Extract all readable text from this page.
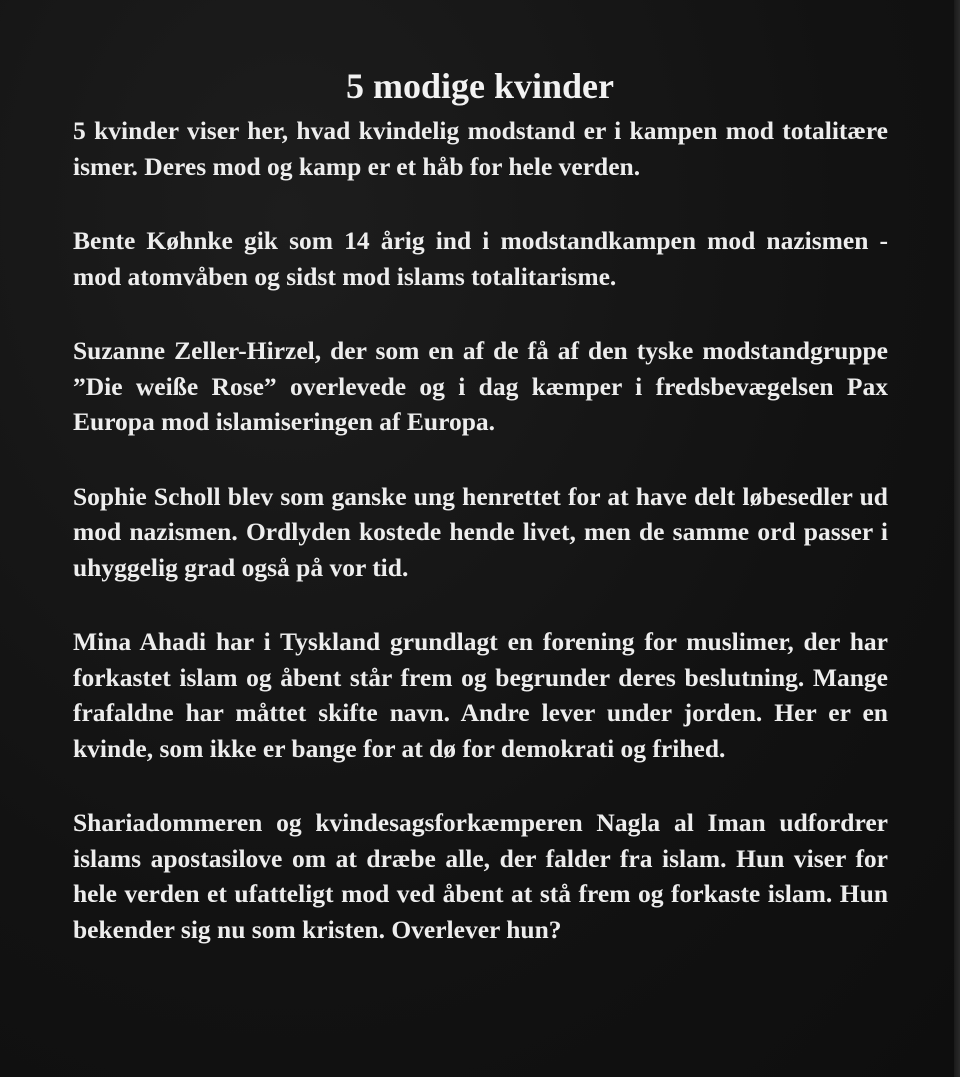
5 modige kvinder

5 kvinder viser her, hvad kvindelig modstand er i kampen mod totalitære ismer. Deres mod og kamp er et håb for hele verden.

Bente Køhnke gik som 14 årig ind i modstandkampen mod nazismen - mod atomvåben og sidst mod islams totalitarisme.

Suzanne Zeller-Hirzel, der som en af de få af den tyske modstandgruppe ”Die weiße Rose” overlevede og i dag kæmper i fredsbevægelsen Pax Europa mod islamiseringen af Europa.

Sophie Scholl blev som ganske ung henrettet for at have delt løbesedler ud mod nazismen. Ordlyden kostede hende livet, men de samme ord passer i uhyggelig grad også på vor tid.

Mina Ahadi har i Tyskland grundlagt en forening for muslimer, der har forkastet islam og åbent står frem og begrunder deres beslutning. Mange frafaldne har måttet skifte navn. Andre lever under jorden. Her er en kvinde, som ikke er bange for at dø for demokrati og frihed.

Shariadommeren og kvindesagsforkæmperen Nagla al Iman udfordrer islams apostasilove om at dræbe alle, der falder fra islam. Hun viser for hele verden et ufatteligt mod ved åbent at stå frem og forkaste islam. Hun bekender sig nu som kristen. Overlever hun?
